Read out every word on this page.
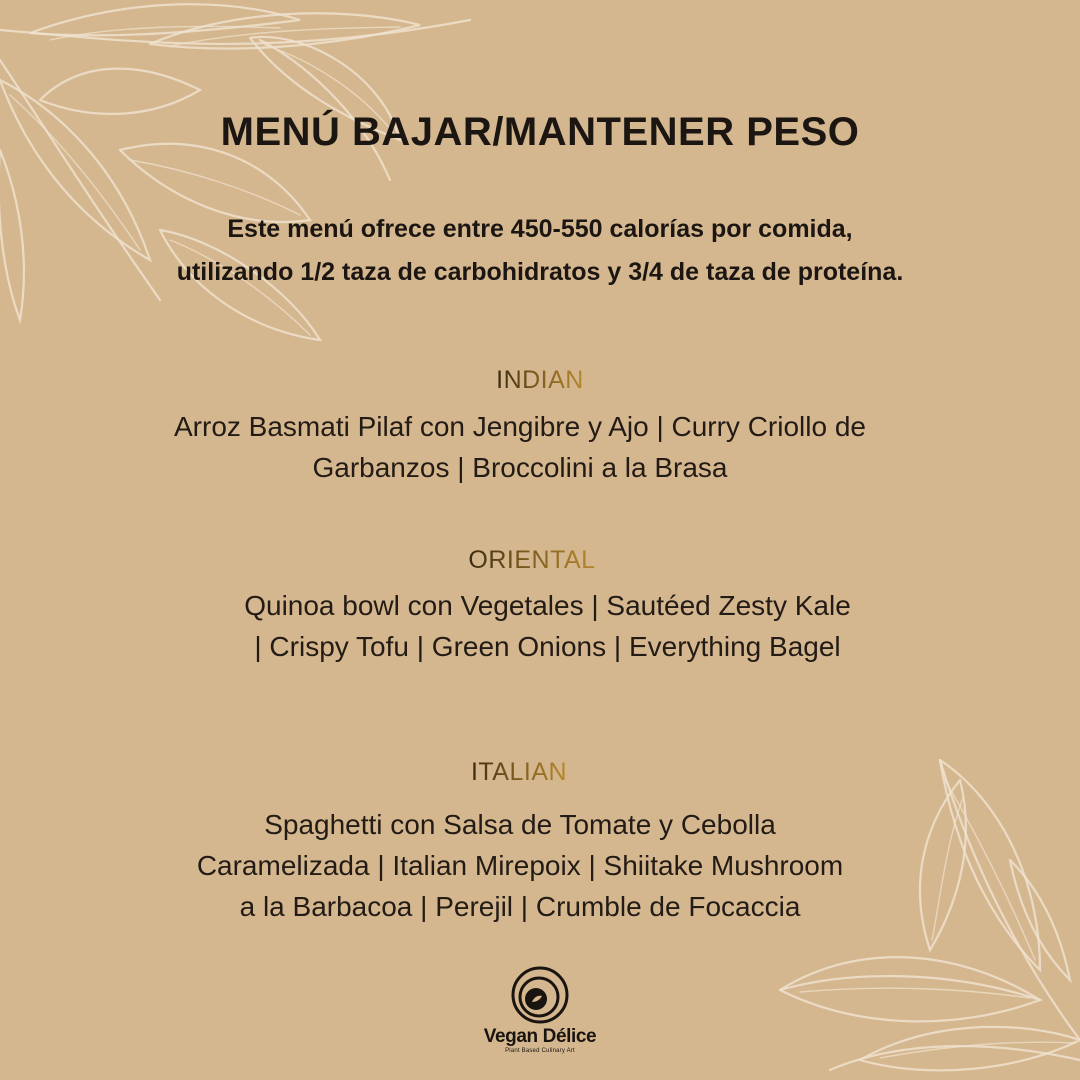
MENÚ BAJAR/MANTENER PESO

Este menú ofrece entre 450-550 calorías por comida,
utilizando 1/2 taza de carbohidratos y 3/4 de taza de proteína.

INDIAN

Arroz Basmati Pilaf con Jengibre y Ajo | Curry Criollo de
Garbanzos | Broccolini a la Brasa

ORIENTAL

Quinoa bowl con Vegetales | Sautéed Zesty Kale
| Crispy Tofu | Green Onions | Everything Bagel

ITALIAN

Spaghetti con Salsa de Tomate y Cebolla
Caramelizada | Italian Mirepoix | Shiitake Mushroom
a la Barbacoa | Perejil | Crumble de Focaccia

Vegan Délice
Plant Based Culinary Art
